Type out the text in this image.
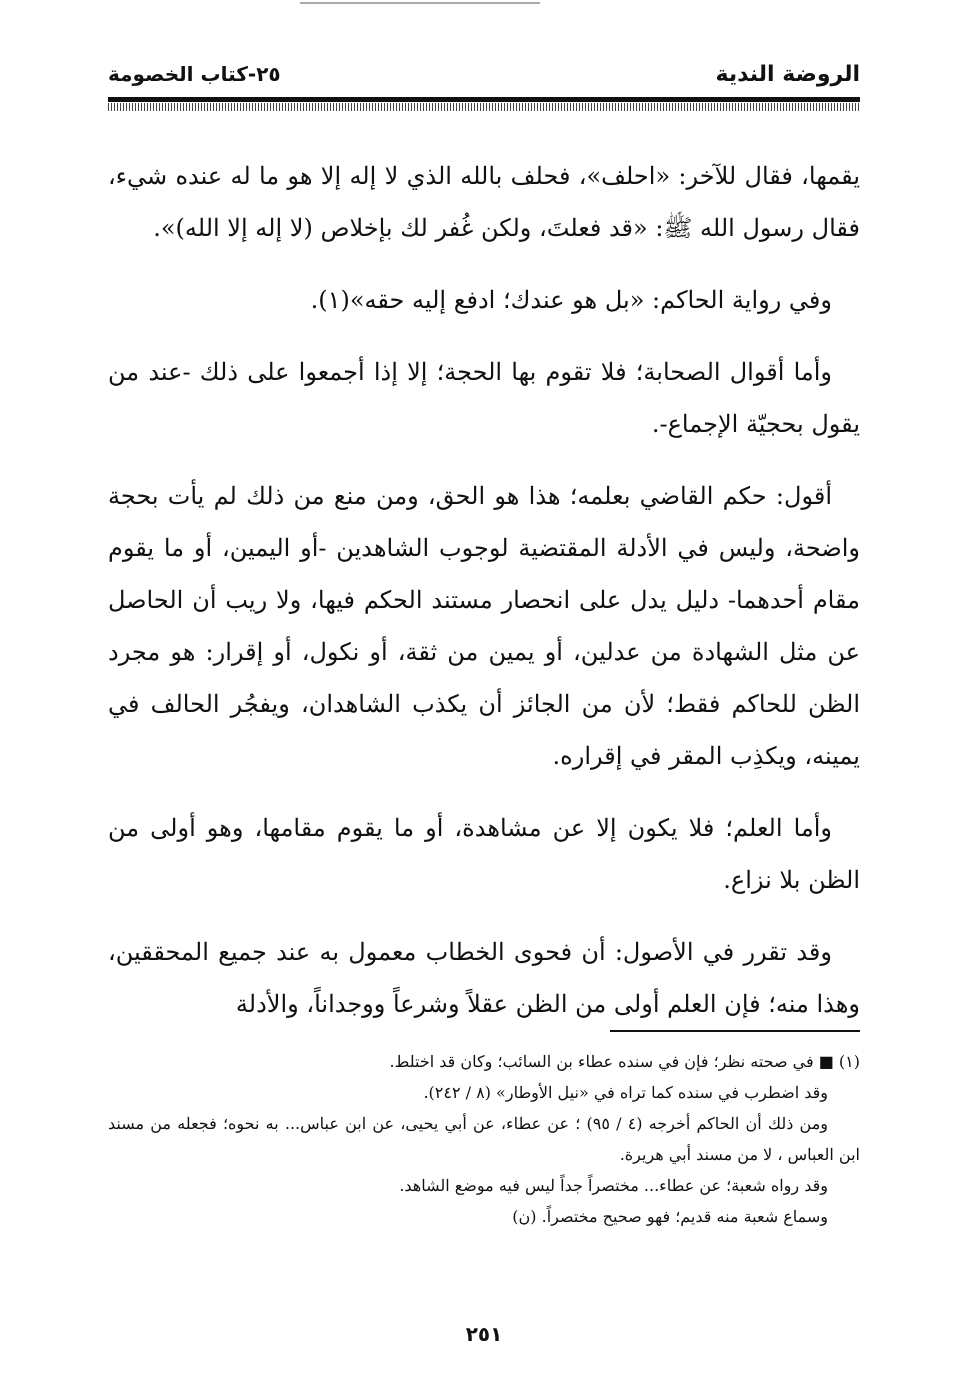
الروضة الندية
٢٥-كتاب الخصومة

يقمها، فقال للآخر: «احلف»، فحلف بالله الذي لا إله إلا هو ما له عنده شيء، فقال رسول الله ﷺ: «قد فعلتَ، ولكن غُفر لك بإخلاص (لا إله إلا الله)».

وفي رواية الحاكم: «بل هو عندك؛ ادفع إليه حقه»(١).

وأما أقوال الصحابة؛ فلا تقوم بها الحجة؛ إلا إذا أجمعوا على ذلك -عند من يقول بحجيّة الإجماع-.

أقول: حكم القاضي بعلمه؛ هذا هو الحق، ومن منع من ذلك لم يأت بحجة واضحة، وليس في الأدلة المقتضية لوجوب الشاهدين -أو اليمين، أو ما يقوم مقام أحدهما- دليل يدل على انحصار مستند الحكم فيها، ولا ريب أن الحاصل عن مثل الشهادة من عدلين، أو يمين من ثقة، أو نكول، أو إقرار: هو مجرد الظن للحاكم فقط؛ لأن من الجائز أن يكذب الشاهدان، ويفجُر الحالف في يمينه، ويكذِب المقر في إقراره.

وأما العلم؛ فلا يكون إلا عن مشاهدة، أو ما يقوم مقامها، وهو أولى من الظن بلا نزاع.

وقد تقرر في الأصول: أن فحوى الخطاب معمول به عند جميع المحققين، وهذا منه؛ فإن العلم أولى من الظن عقلاً وشرعاً ووجداناً، والأدلة

(١) ■ في صحته نظر؛ فإن في سنده عطاء بن السائب؛ وكان قد اختلط.

وقد اضطرب في سنده كما تراه في «نيل الأوطار» (٨ / ٢٤٢).

ومن ذلك أن الحاكم أخرجه (٤ / ٩٥) ؛ عن عطاء، عن أبي يحيى، عن ابن عباس... به نحوه؛ فجعله من مسند ابن العباس ، لا من مسند أبي هريرة.

وقد رواه شعبة؛ عن عطاء... مختصراً جداً ليس فيه موضع الشاهد.

وسماع شعبة منه قديم؛ فهو صحيح مختصراً. (ن)

٢٥١
